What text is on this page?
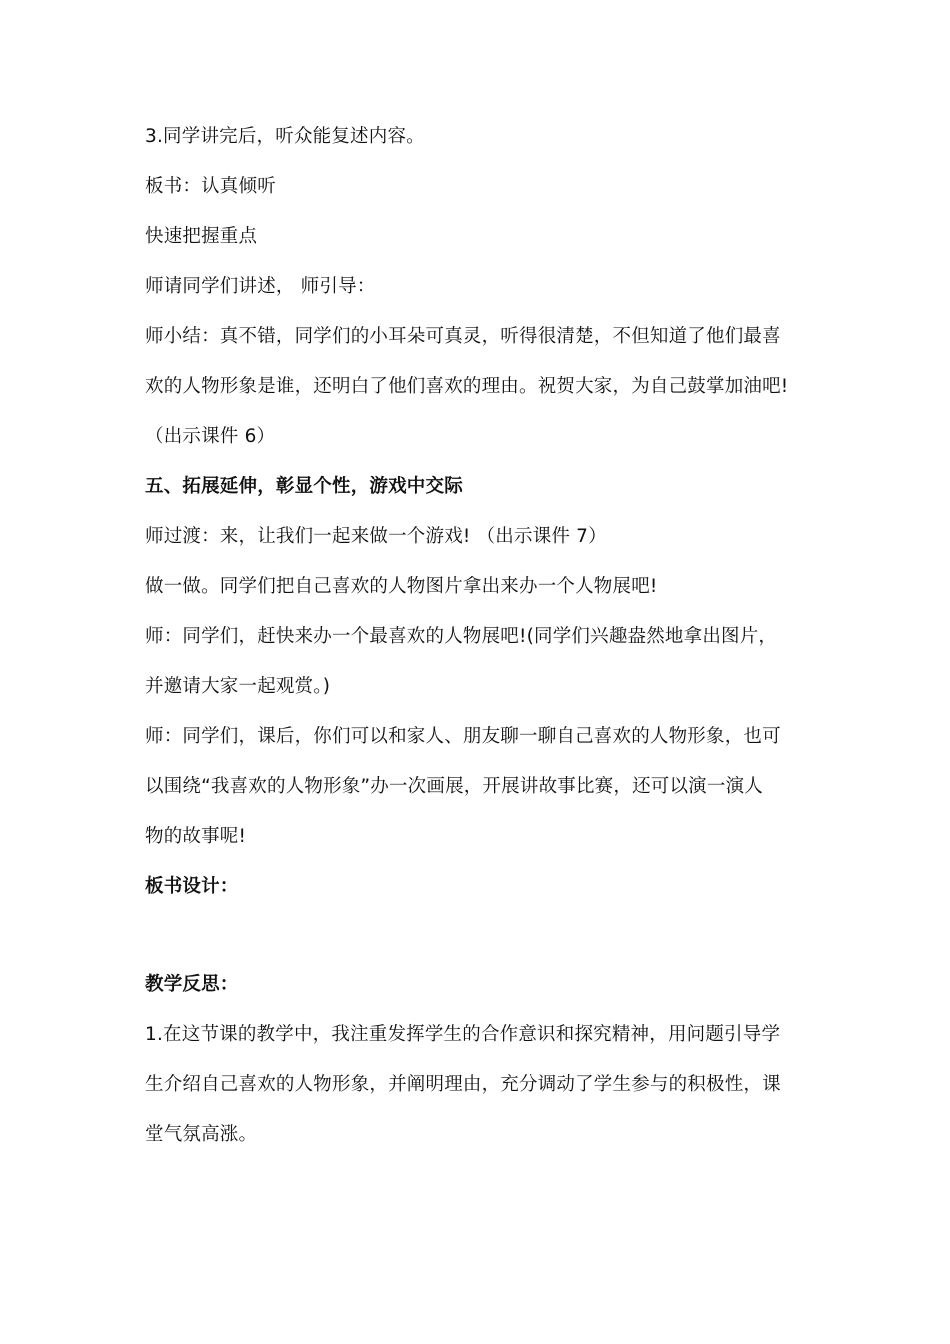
3.同学讲完后，听众能复述内容。
板书：认真倾听
快速把握重点
师请同学们讲述， 师引导：
师小结：真不错，同学们的小耳朵可真灵，听得很清楚，不但知道了他们最喜
欢的人物形象是谁，还明白了他们喜欢的理由。祝贺大家，为自己鼓掌加油吧!
（出示课件 6）
五、拓展延伸，彰显个性，游戏中交际
师过渡：来，让我们一起来做一个游戏! （出示课件 7）
做一做。同学们把自己喜欢的人物图片拿出来办一个人物展吧!
师：同学们，赶快来办一个最喜欢的人物展吧!(同学们兴趣盎然地拿出图片，
并邀请大家一起观赏。)
师：同学们，课后，你们可以和家人、朋友聊一聊自己喜欢的人物形象，也可
以围绕“我喜欢的人物形象”办一次画展，开展讲故事比赛，还可以演一演人
物的故事呢!
板书设计：
教学反思：
1.在这节课的教学中，我注重发挥学生的合作意识和探究精神，用问题引导学
生介绍自己喜欢的人物形象，并阐明理由，充分调动了学生参与的积极性，课
堂气氛高涨。
